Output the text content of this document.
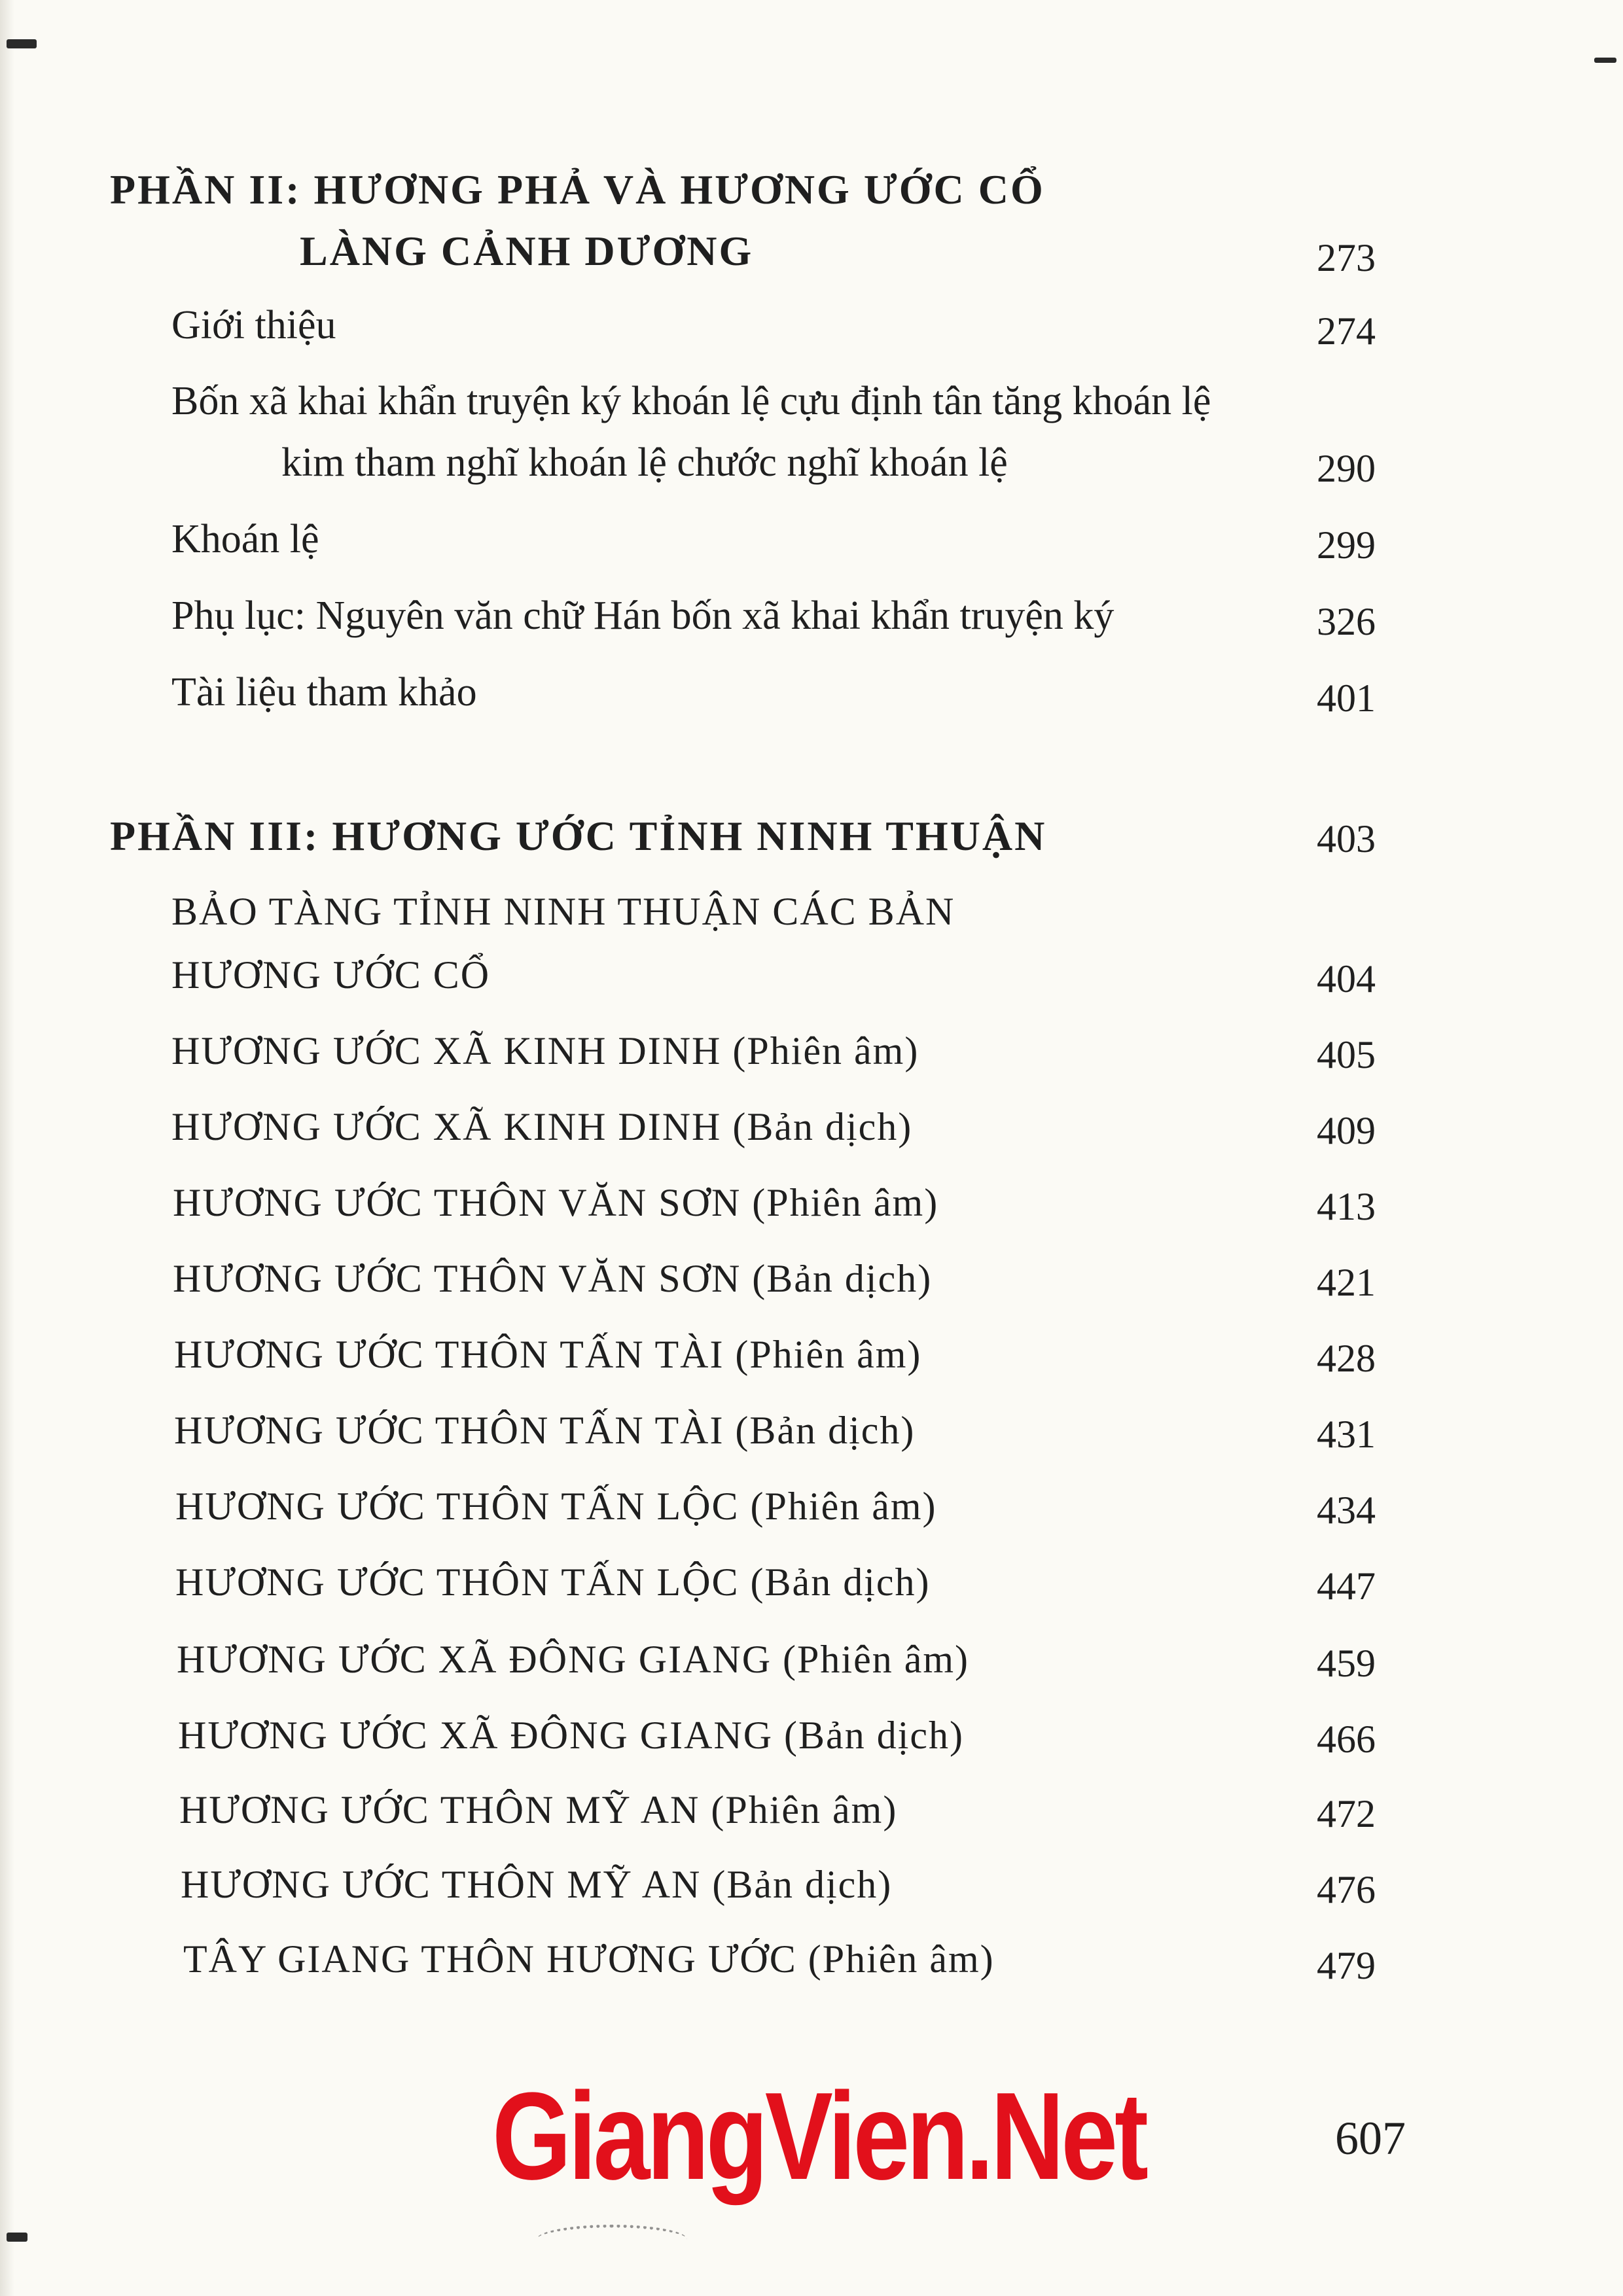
PHẦN II: HƯƠNG PHẢ VÀ HƯƠNG ƯỚC CỔ
LÀNG CẢNH DƯƠNG	273
Giới thiệu	274
Bốn xã khai khẩn truyện ký khoán lệ cựu định tân tăng khoán lệ
kim tham nghĩ khoán lệ chước nghĩ khoán lệ	290
Khoán lệ	299
Phụ lục: Nguyên văn chữ Hán bốn xã khai khẩn truyện ký	326
Tài liệu tham khảo	401
PHẦN III: HƯƠNG ƯỚC TỈNH NINH THUẬN	403
BẢO TÀNG TỈNH NINH THUẬN CÁC BẢN
HƯƠNG ƯỚC CỔ	404
HƯƠNG ƯỚC XÃ KINH DINH (Phiên âm)	405
HƯƠNG ƯỚC XÃ KINH DINH (Bản dịch)	409
HƯƠNG ƯỚC THÔN VĂN SƠN (Phiên âm)	413
HƯƠNG ƯỚC THÔN VĂN SƠN (Bản dịch)	421
HƯƠNG ƯỚC THÔN TẤN TÀI (Phiên âm)	428
HƯƠNG ƯỚC THÔN TẤN TÀI (Bản dịch)	431
HƯƠNG ƯỚC THÔN TẤN LỘC (Phiên âm)	434
HƯƠNG ƯỚC THÔN TẤN LỘC (Bản dịch)	447
HƯƠNG ƯỚC XÃ ĐÔNG GIANG (Phiên âm)	459
HƯƠNG ƯỚC XÃ ĐÔNG GIANG (Bản dịch)	466
HƯƠNG ƯỚC THÔN MỸ AN (Phiên âm)	472
HƯƠNG ƯỚC THÔN MỸ AN (Bản dịch)	476
TÂY GIANG THÔN HƯƠNG ƯỚC (Phiên âm)	479
GiangVien.Net	607
